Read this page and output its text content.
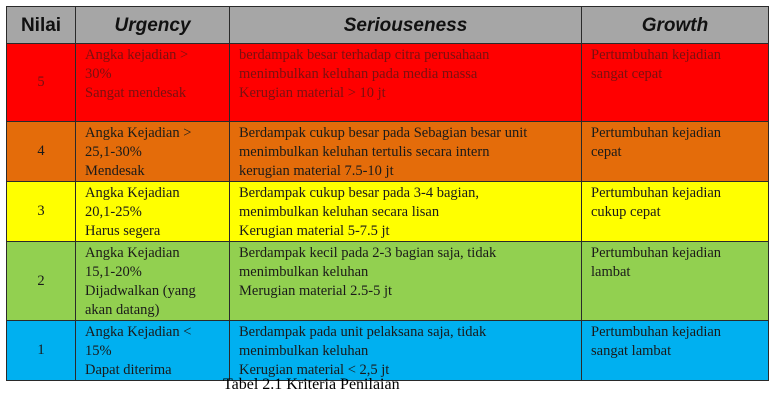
Nilai	Urgency	Seriouseness	Growth
5	Angka kejadian >
30%
Sangat mendesak	berdampak besar terhadap citra perusahaan
menimbulkan keluhan pada media massa
Kerugian material > 10 jt	Pertumbuhan kejadian
sangat cepat

4	Angka Kejadian >
25,1-30%
Mendesak	Berdampak cukup besar pada Sebagian besar unit
menimbulkan keluhan tertulis secara intern
kerugian material 7.5-10 jt	Pertumbuhan kejadian
cepat

3	Angka Kejadian
20,1-25%
Harus segera	Berdampak cukup besar pada 3-4 bagian,
menimbulkan keluhan secara lisan
Kerugian material 5-7.5 jt	Pertumbuhan kejadian
cukup cepat

2	Angka Kejadian
15,1-20%
Dijadwalkan (yang
akan datang)	Berdampak kecil pada 2-3 bagian saja, tidak
menimbulkan keluhan
Merugian material 2.5-5 jt	Pertumbuhan kejadian
lambat

1	Angka Kejadian <
15%
Dapat diterima	Berdampak pada unit pelaksana saja, tidak
menimbulkan keluhan
Kerugian material < 2,5 jt	Pertumbuhan kejadian
sangat lambat
Tabel 2.1 Kriteria Penilaian
